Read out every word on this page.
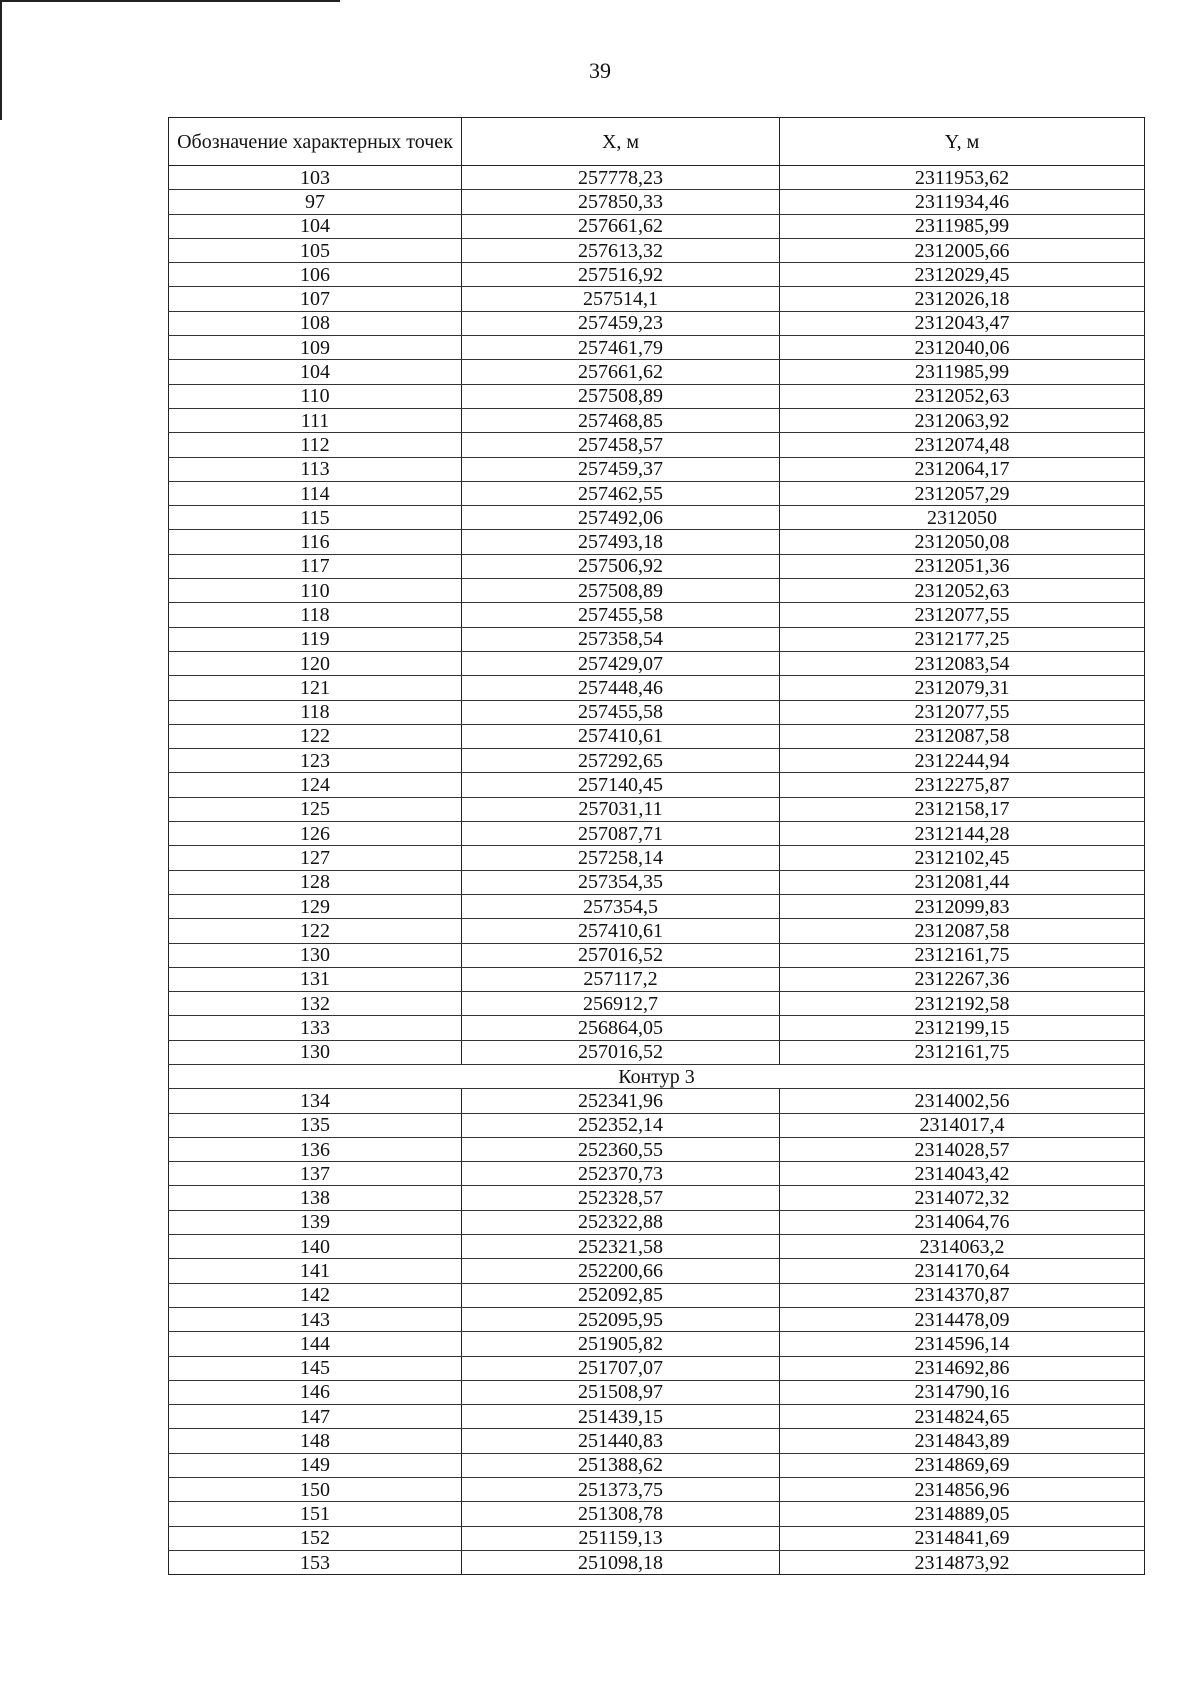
39
Обозначение характерных точек	X, м	Y, м
103	257778,23	2311953,62
97	257850,33	2311934,46
104	257661,62	2311985,99
105	257613,32	2312005,66
106	257516,92	2312029,45
107	257514,1	2312026,18
108	257459,23	2312043,47
109	257461,79	2312040,06
104	257661,62	2311985,99
110	257508,89	2312052,63
111	257468,85	2312063,92
112	257458,57	2312074,48
113	257459,37	2312064,17
114	257462,55	2312057,29
115	257492,06	2312050
116	257493,18	2312050,08
117	257506,92	2312051,36
110	257508,89	2312052,63
118	257455,58	2312077,55
119	257358,54	2312177,25
120	257429,07	2312083,54
121	257448,46	2312079,31
118	257455,58	2312077,55
122	257410,61	2312087,58
123	257292,65	2312244,94
124	257140,45	2312275,87
125	257031,11	2312158,17
126	257087,71	2312144,28
127	257258,14	2312102,45
128	257354,35	2312081,44
129	257354,5	2312099,83
122	257410,61	2312087,58
130	257016,52	2312161,75
131	257117,2	2312267,36
132	256912,7	2312192,58
133	256864,05	2312199,15
130	257016,52	2312161,75
Контур 3		
134	252341,96	2314002,56
135	252352,14	2314017,4
136	252360,55	2314028,57
137	252370,73	2314043,42
138	252328,57	2314072,32
139	252322,88	2314064,76
140	252321,58	2314063,2
141	252200,66	2314170,64
142	252092,85	2314370,87
143	252095,95	2314478,09
144	251905,82	2314596,14
145	251707,07	2314692,86
146	251508,97	2314790,16
147	251439,15	2314824,65
148	251440,83	2314843,89
149	251388,62	2314869,69
150	251373,75	2314856,96
151	251308,78	2314889,05
152	251159,13	2314841,69
153	251098,18	2314873,92
